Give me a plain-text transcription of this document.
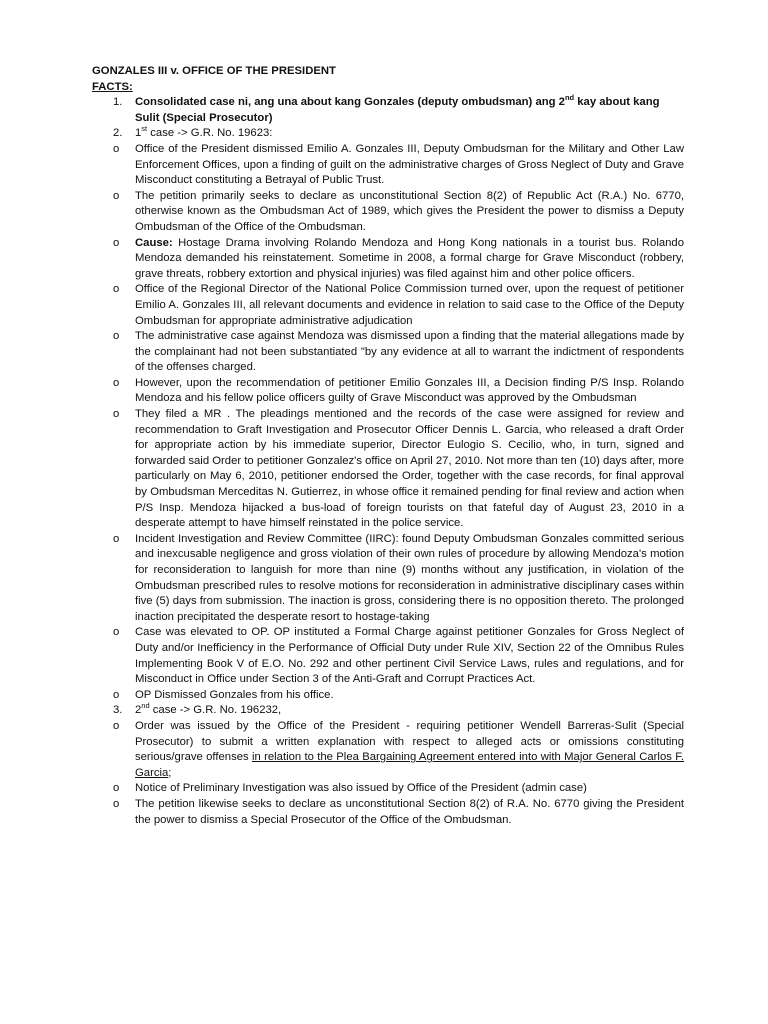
GONZALES III v. OFFICE OF THE PRESIDENT

FACTS:

1. Consolidated case ni, ang una about kang Gonzales (deputy ombudsman) ang 2nd kay about kang Sulit (Special Prosecutor)
2. 1st case -> G.R. No. 19623:
o Office of the President dismissed Emilio A. Gonzales III, Deputy Ombudsman for the Military and Other Law Enforcement Offices, upon a finding of guilt on the administrative charges of Gross Neglect of Duty and Grave Misconduct constituting a Betrayal of Public Trust.
o The petition primarily seeks to declare as unconstitutional Section 8(2) of Republic Act (R.A.) No. 6770, otherwise known as the Ombudsman Act of 1989, which gives the President the power to dismiss a Deputy Ombudsman of the Office of the Ombudsman.
o Cause: Hostage Drama involving Rolando Mendoza and Hong Kong nationals in a tourist bus. Rolando Mendoza demanded his reinstatement. Sometime in 2008, a formal charge for Grave Misconduct (robbery, grave threats, robbery extortion and physical injuries) was filed against him and other police officers.
o Office of the Regional Director of the National Police Commission turned over, upon the request of petitioner Emilio A. Gonzales III, all relevant documents and evidence in relation to said case to the Office of the Deputy Ombudsman for appropriate administrative adjudication
o The administrative case against Mendoza was dismissed upon a finding that the material allegations made by the complainant had not been substantiated "by any evidence at all to warrant the indictment of respondents of the offenses charged.
o However, upon the recommendation of petitioner Emilio Gonzales III, a Decision finding P/S Insp. Rolando Mendoza and his fellow police officers guilty of Grave Misconduct was approved by the Ombudsman
o They filed a MR . The pleadings mentioned and the records of the case were assigned for review and recommendation to Graft Investigation and Prosecutor Officer Dennis L. Garcia, who released a draft Order for appropriate action by his immediate superior, Director Eulogio S. Cecilio, who, in turn, signed and forwarded said Order to petitioner Gonzalez's office on April 27, 2010. Not more than ten (10) days after, more particularly on May 6, 2010, petitioner endorsed the Order, together with the case records, for final approval by Ombudsman Merceditas N. Gutierrez, in whose office it remained pending for final review and action when P/S Insp. Mendoza hijacked a bus-load of foreign tourists on that fateful day of August 23, 2010 in a desperate attempt to have himself reinstated in the police service.
o Incident Investigation and Review Committee (IIRC): found Deputy Ombudsman Gonzales committed serious and inexcusable negligence and gross violation of their own rules of procedure by allowing Mendoza's motion for reconsideration to languish for more than nine (9) months without any justification, in violation of the Ombudsman prescribed rules to resolve motions for reconsideration in administrative disciplinary cases within five (5) days from submission. The inaction is gross, considering there is no opposition thereto. The prolonged inaction precipitated the desperate resort to hostage-taking
o Case was elevated to OP. OP instituted a Formal Charge against petitioner Gonzales for Gross Neglect of Duty and/or Inefficiency in the Performance of Official Duty under Rule XIV, Section 22 of the Omnibus Rules Implementing Book V of E.O. No. 292 and other pertinent Civil Service Laws, rules and regulations, and for Misconduct in Office under Section 3 of the Anti-Graft and Corrupt Practices Act.
o OP Dismissed Gonzales from his office.
3. 2nd case -> G.R. No. 196232,
o Order was issued by the Office of the President - requiring petitioner Wendell Barreras-Sulit (Special Prosecutor) to submit a written explanation with respect to alleged acts or omissions constituting serious/grave offenses in relation to the Plea Bargaining Agreement entered into with Major General Carlos F. Garcia;
o Notice of Preliminary Investigation was also issued by Office of the President (admin case)
o The petition likewise seeks to declare as unconstitutional Section 8(2) of R.A. No. 6770 giving the President the power to dismiss a Special Prosecutor of the Office of the Ombudsman.
